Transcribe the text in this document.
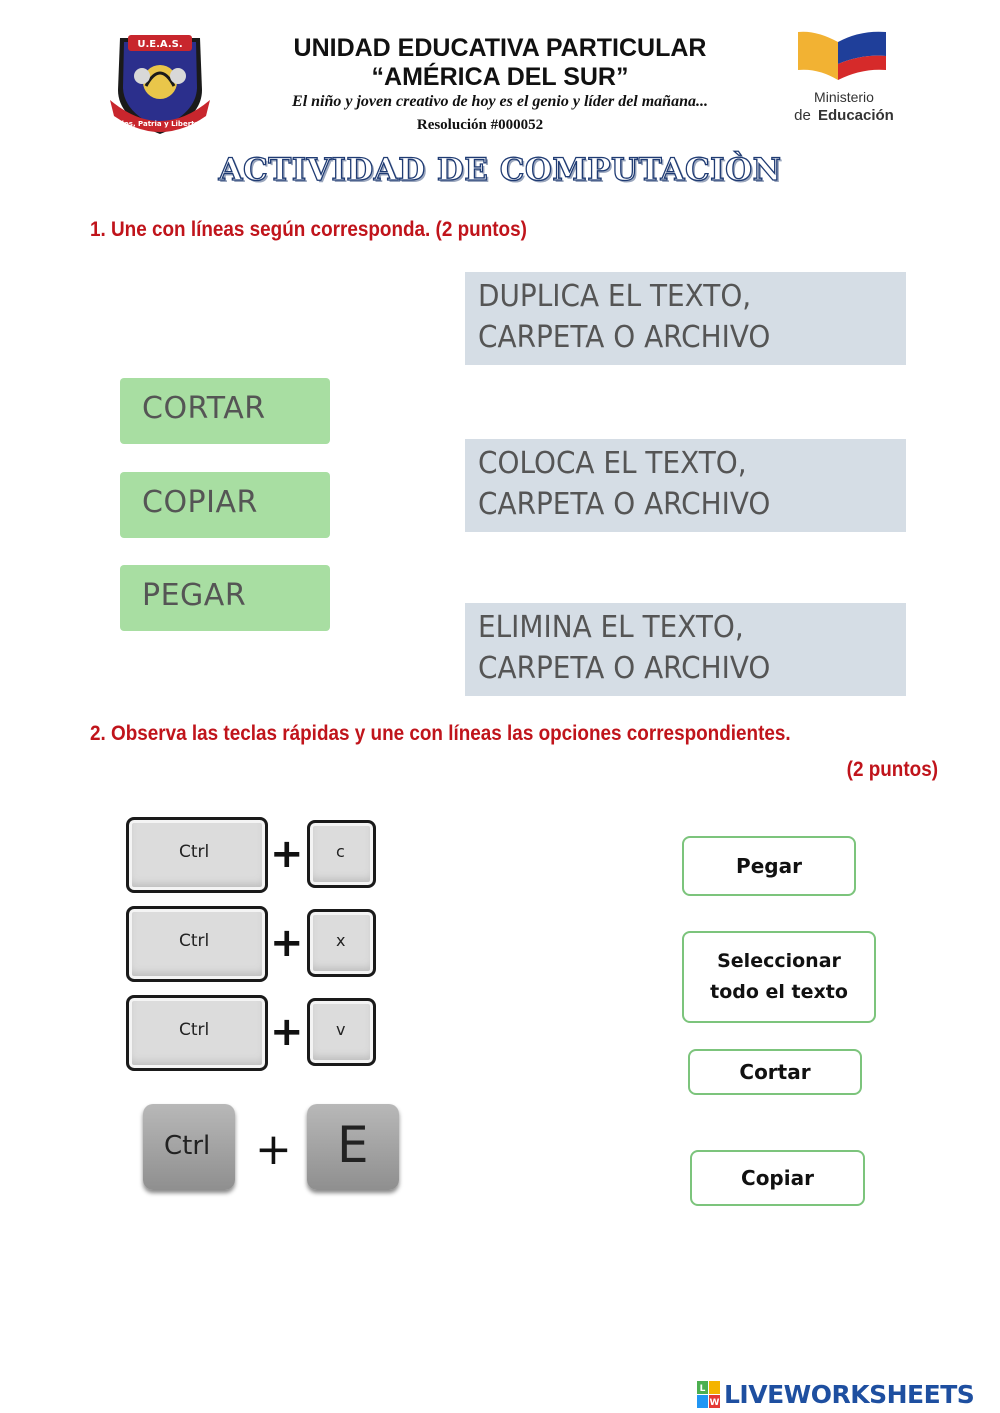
U.E.A.S.
Dios, Patria y Libertad
UNIDAD EDUCATIVA PARTICULAR
“AMÉRICA DEL SUR”
El niño y joven creativo de hoy es el genio y líder del mañana...
Resolución #000052
Ministerio
de Educación
ACTIVIDAD DE COMPUTACIÒN
1. Une con líneas según corresponda. (2 puntos)
CORTAR
COPIAR
PEGAR
DUPLICA EL TEXTO,
CARPETA O ARCHIVO
COLOCA EL TEXTO,
CARPETA O ARCHIVO
ELIMINA EL TEXTO,
CARPETA O ARCHIVO
2. Observa las teclas rápidas y une con líneas las opciones correspondientes.
(2 puntos)
Ctrl + c
Ctrl + x
Ctrl + v
Ctrl + E
Pegar
Seleccionar
todo el texto
Cortar
Copiar
L
W LIVEWORKSHEETS
